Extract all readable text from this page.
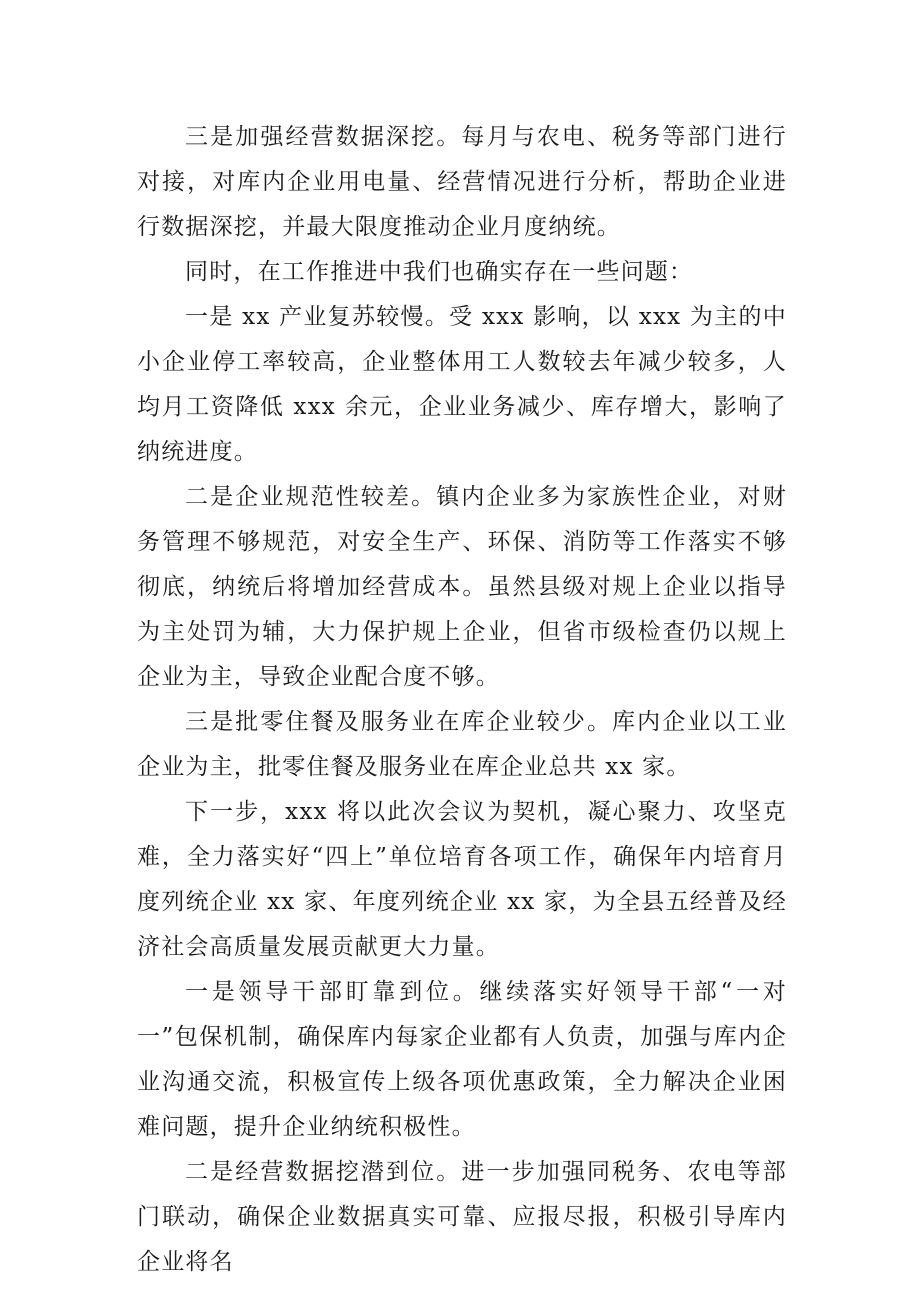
三是加强经营数据深挖。每月与农电、税务等部门进行对接，对库内企业用电量、经营情况进行分析，帮助企业进行数据深挖，并最大限度推动企业月度纳统。

同时，在工作推进中我们也确实存在一些问题：

一是 xx 产业复苏较慢。受 xxx 影响，以 xxx 为主的中小企业停工率较高，企业整体用工人数较去年减少较多，人均月工资降低 xxx 余元，企业业务减少、库存增大，影响了纳统进度。

二是企业规范性较差。镇内企业多为家族性企业，对财务管理不够规范，对安全生产、环保、消防等工作落实不够彻底，纳统后将增加经营成本。虽然县级对规上企业以指导为主处罚为辅，大力保护规上企业，但省市级检查仍以规上企业为主，导致企业配合度不够。

三是批零住餐及服务业在库企业较少。库内企业以工业企业为主，批零住餐及服务业在库企业总共 xx 家。

下一步，xxx 将以此次会议为契机，凝心聚力、攻坚克难，全力落实好“四上”单位培育各项工作，确保年内培育月度列统企业 xx 家、年度列统企业 xx 家，为全县五经普及经济社会高质量发展贡献更大力量。

一是领导干部盯靠到位。继续落实好领导干部“一对一”包保机制，确保库内每家企业都有人负责，加强与库内企业沟通交流，积极宣传上级各项优惠政策，全力解决企业困难问题，提升企业纳统积极性。

二是经营数据挖潜到位。进一步加强同税务、农电等部门联动，确保企业数据真实可靠、应报尽报，积极引导库内企业将名
